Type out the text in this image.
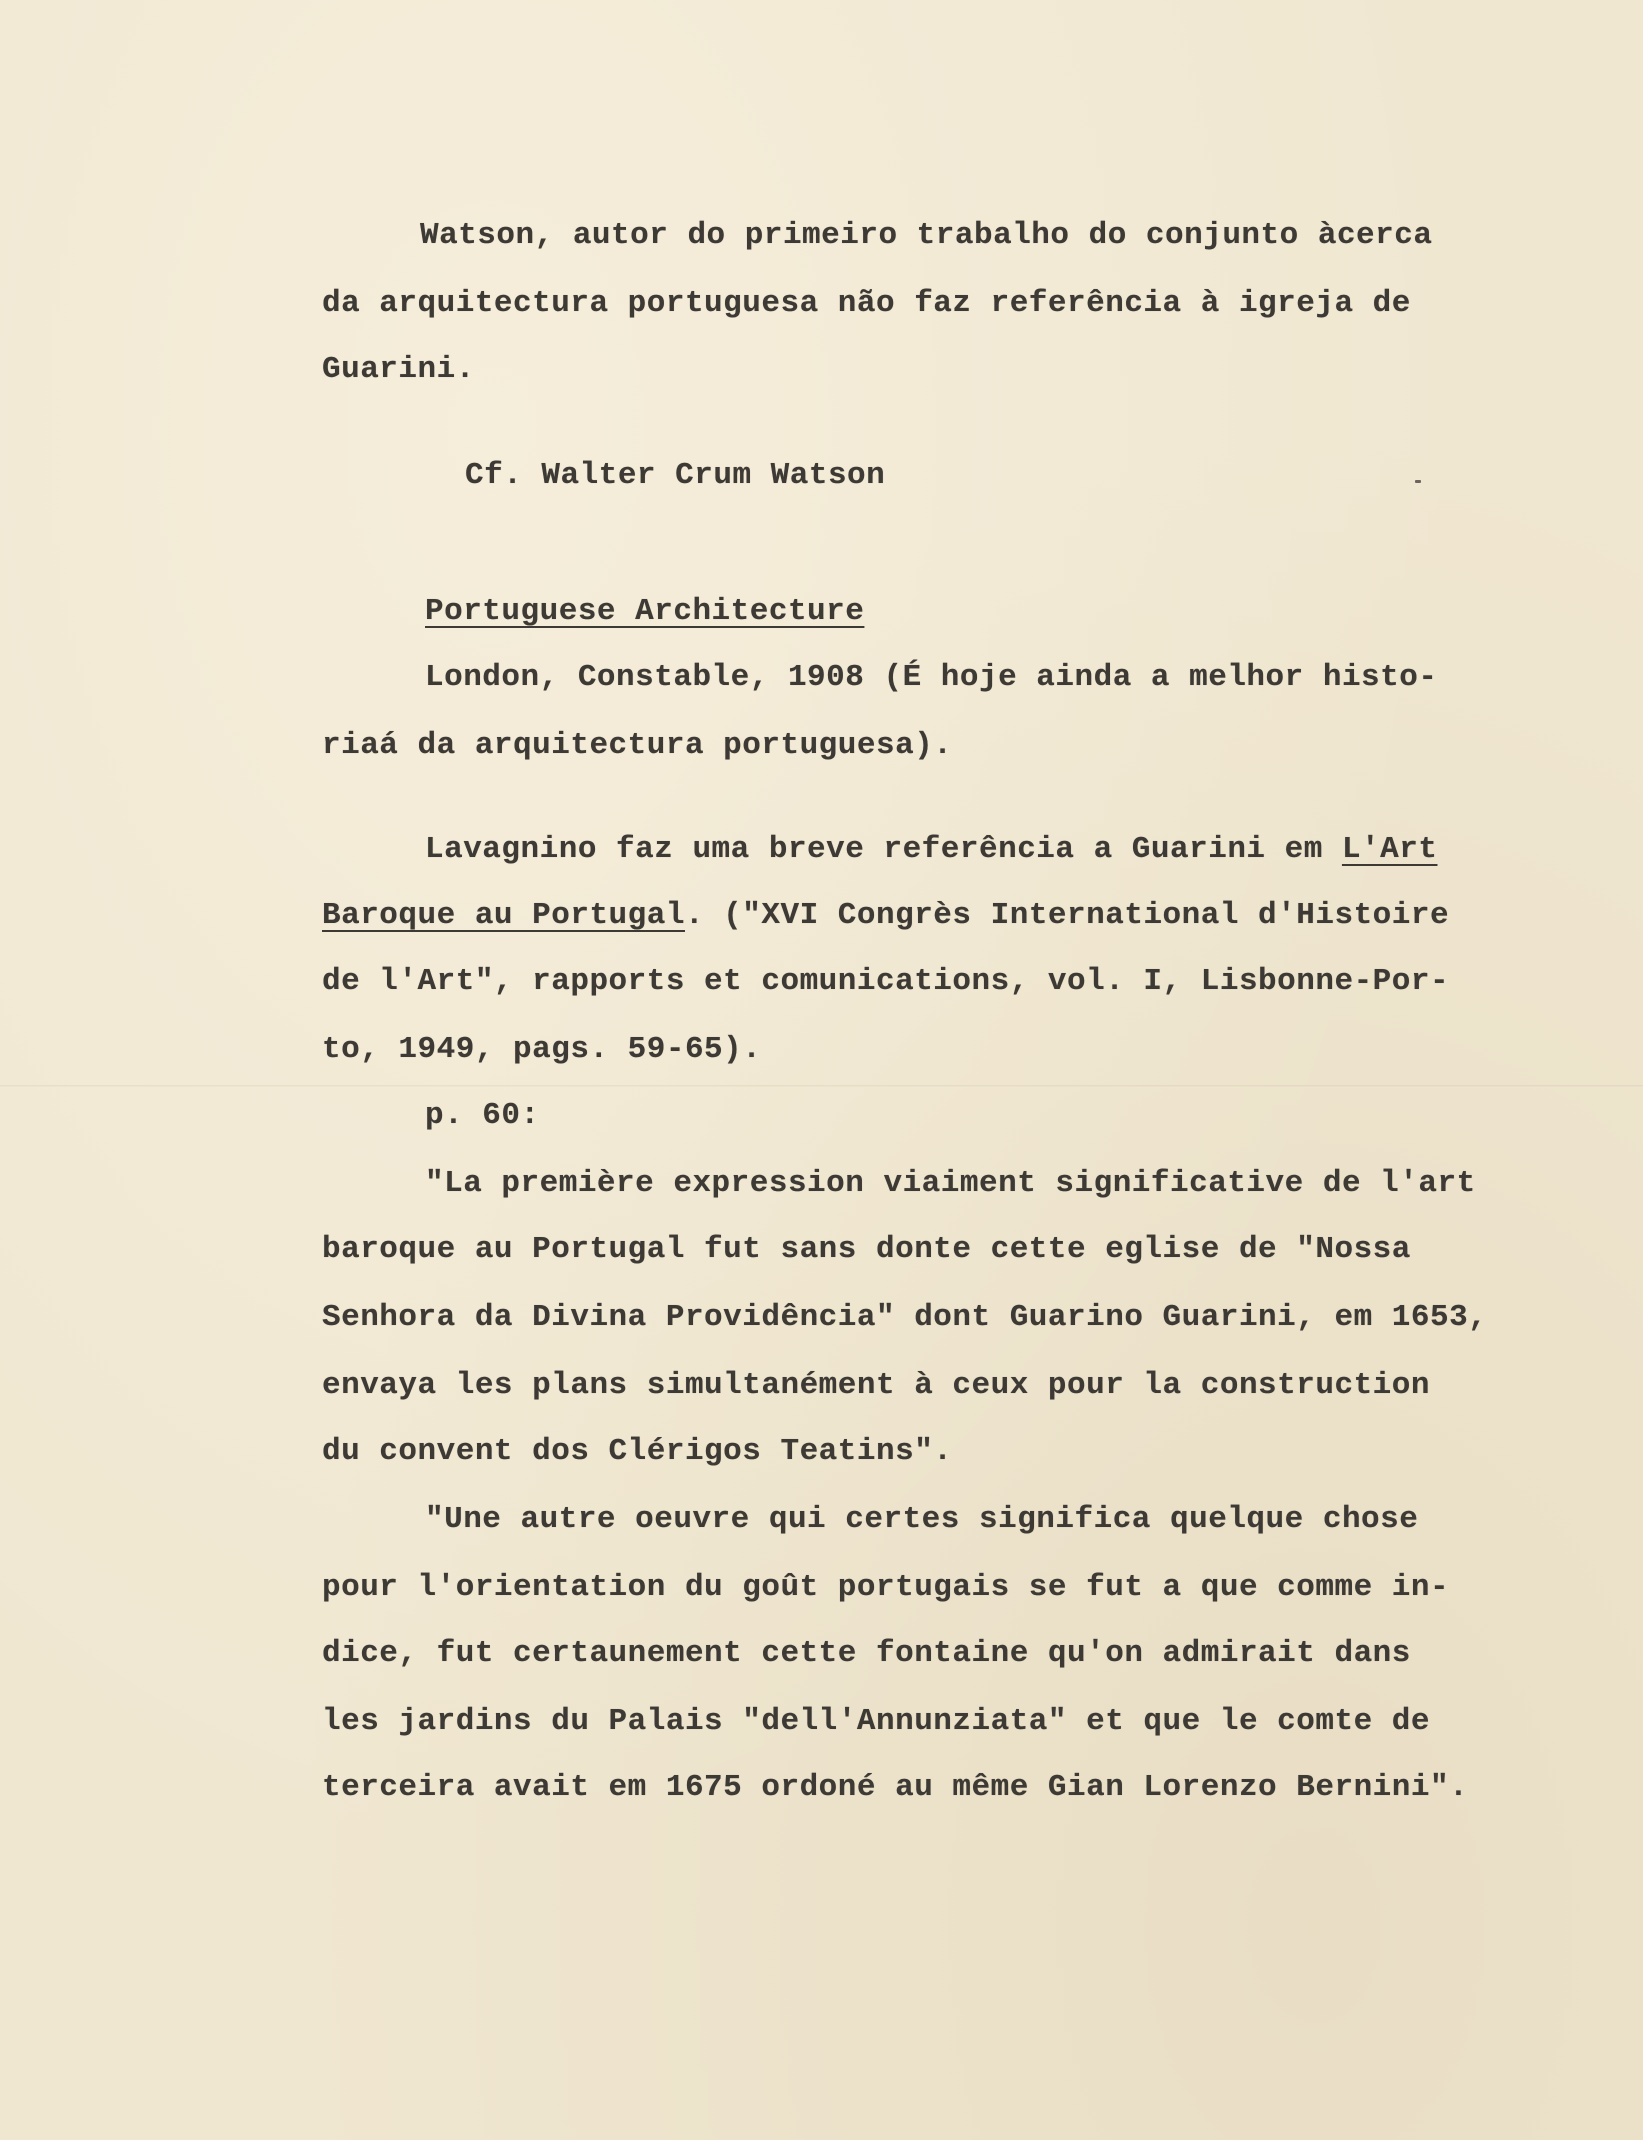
Watson, autor do primeiro trabalho do conjunto àcerca
da arquitectura portuguesa não faz referência à igreja de
Guarini.
Cf. Walter Crum Watson
Portuguese Architecture
London, Constable, 1908 (É hoje ainda a melhor histo-
riaá da arquitectura portuguesa).
Lavagnino faz uma breve referência a Guarini em L'Art
Baroque au Portugal. ("XVI Congrès International d'Histoire
de l'Art", rapports et comunications, vol. I, Lisbonne-Por-
to, 1949, pags. 59-65).
p. 60:
"La première expression viaiment significative de l'art
baroque au Portugal fut sans donte cette eglise de "Nossa
Senhora da Divina Providência" dont Guarino Guarini, em 1653,
envaya les plans simultanément à ceux pour la construction
du convent dos Clérigos Teatins".
"Une autre oeuvre qui certes significa quelque chose
pour l'orientation du goût portugais se fut a que comme in-
dice, fut certaunement cette fontaine qu'on admirait dans
les jardins du Palais "dell'Annunziata" et que le comte de
terceira avait em 1675 ordoné au même Gian Lorenzo Bernini".
